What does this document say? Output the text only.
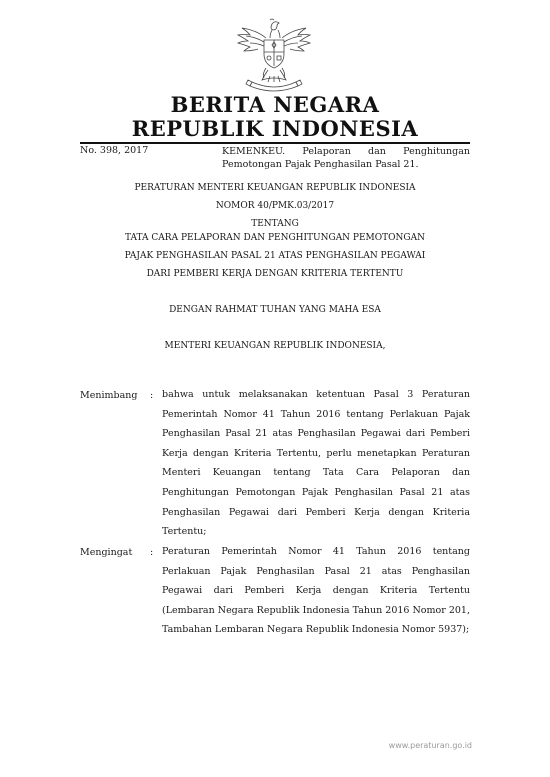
BERITA NEGARA
REPUBLIK INDONESIA
No. 398, 2017	KEMENKEU. Pelaporan dan Penghitungan Pemotongan Pajak Penghasilan Pasal 21.
PERATURAN MENTERI KEUANGAN REPUBLIK INDONESIA
NOMOR 40/PMK.03/2017
TENTANG
TATA CARA PELAPORAN DAN PENGHITUNGAN PEMOTONGAN
PAJAK PENGHASILAN PASAL 21 ATAS PENGHASILAN PEGAWAI
DARI PEMBERI KERJA DENGAN KRITERIA TERTENTU
DENGAN RAHMAT TUHAN YANG MAHA ESA
MENTERI KEUANGAN REPUBLIK INDONESIA,
Menimbang : bahwa untuk melaksanakan ketentuan Pasal 3 Peraturan Pemerintah Nomor 41 Tahun 2016 tentang Perlakuan Pajak Penghasilan Pasal 21 atas Penghasilan Pegawai dari Pemberi Kerja dengan Kriteria Tertentu, perlu menetapkan Peraturan Menteri Keuangan tentang Tata Cara Pelaporan dan Penghitungan Pemotongan Pajak Penghasilan Pasal 21 atas Penghasilan Pegawai dari Pemberi Kerja dengan Kriteria Tertentu;
Mengingat : Peraturan Pemerintah Nomor 41 Tahun 2016 tentang Perlakuan Pajak Penghasilan Pasal 21 atas Penghasilan Pegawai dari Pemberi Kerja dengan Kriteria Tertentu (Lembaran Negara Republik Indonesia Tahun 2016 Nomor 201, Tambahan Lembaran Negara Republik Indonesia Nomor 5937);
www.peraturan.go.id
